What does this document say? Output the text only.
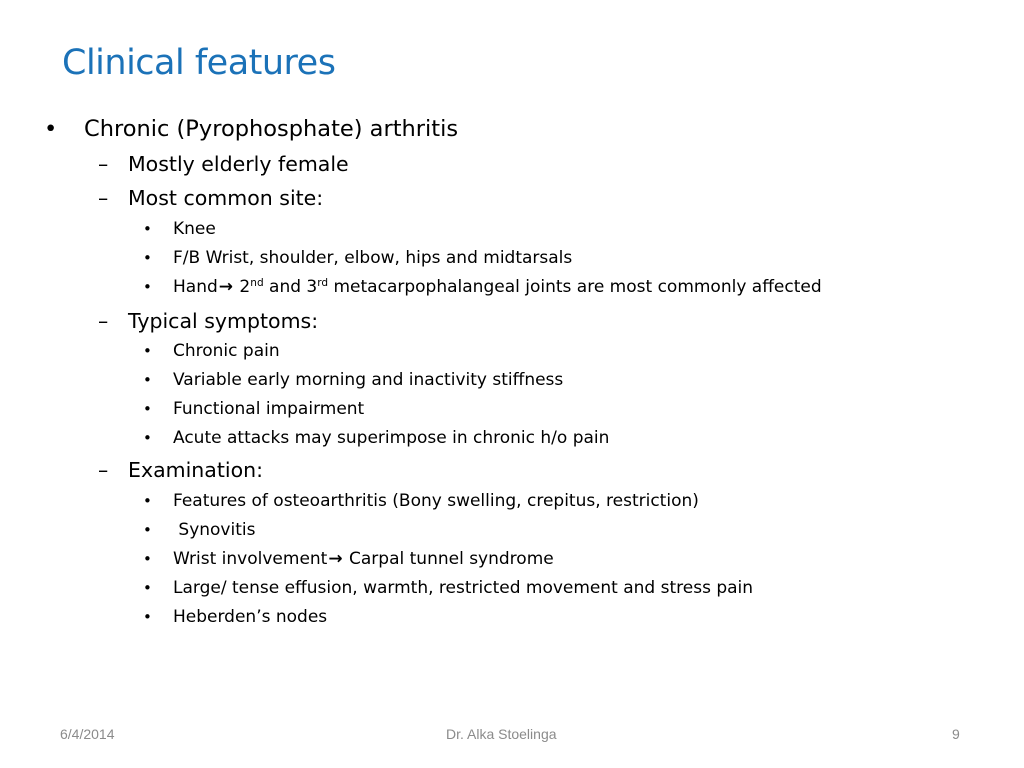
Clinical features
• Chronic (Pyrophosphate) arthritis
– Mostly elderly female
– Most common site:
• Knee
• F/B Wrist, shoulder, elbow, hips and midtarsals
• Hand→ 2nd and 3rd metacarpophalangeal joints are most commonly affected
– Typical symptoms:
• Chronic pain
• Variable early morning and inactivity stiffness
• Functional impairment
• Acute attacks may superimpose in chronic h/o pain
– Examination:
• Features of osteoarthritis (Bony swelling, crepitus, restriction)
• Synovitis
• Wrist involvement→ Carpal tunnel syndrome
• Large/ tense effusion, warmth, restricted movement and stress pain
• Heberden’s nodes
6/4/2014	Dr. Alka Stoelinga	9
